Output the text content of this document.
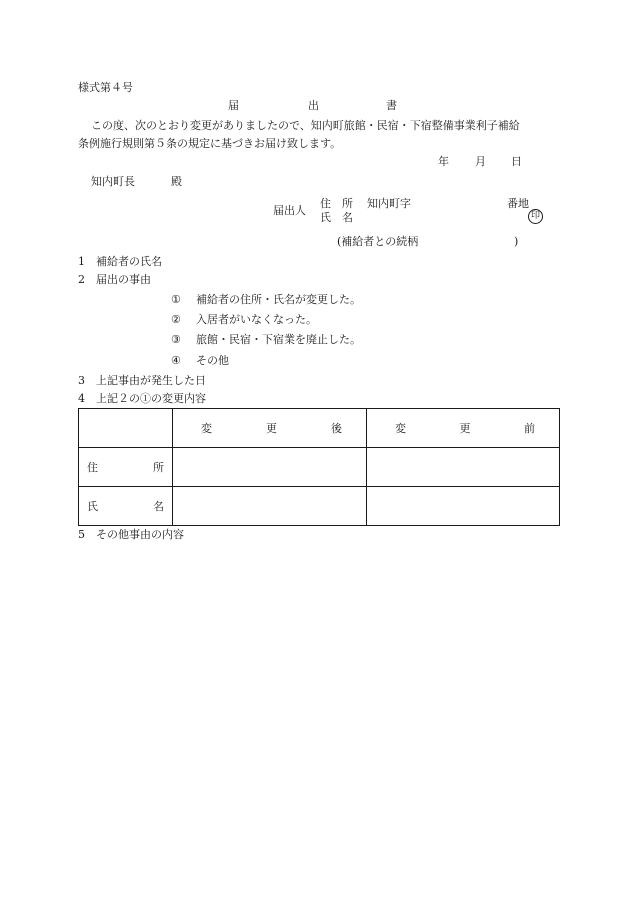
様式第４号
届	出	書
この度、次のとおり変更がありましたので、知内町旅館・民宿・下宿整備事業利子補給
条例施行規則第５条の規定に基づきお届け致します。
年 月 日
知内町長	殿
届出人
住　所 知内町字	番地
氏　名	印
(補給者との続柄	)
1　補給者の氏名
2　届出の事由
① 補給者の住所・氏名が変更した。
② 入居者がいなくなった。
③ 旅館・民宿・下宿業を廃止した。
④ その他
3　上記事由が発生した日
4　上記２の①の変更内容

	変 更 後	変 更 前

住 所		

氏 名		

5　その他事由の内容
